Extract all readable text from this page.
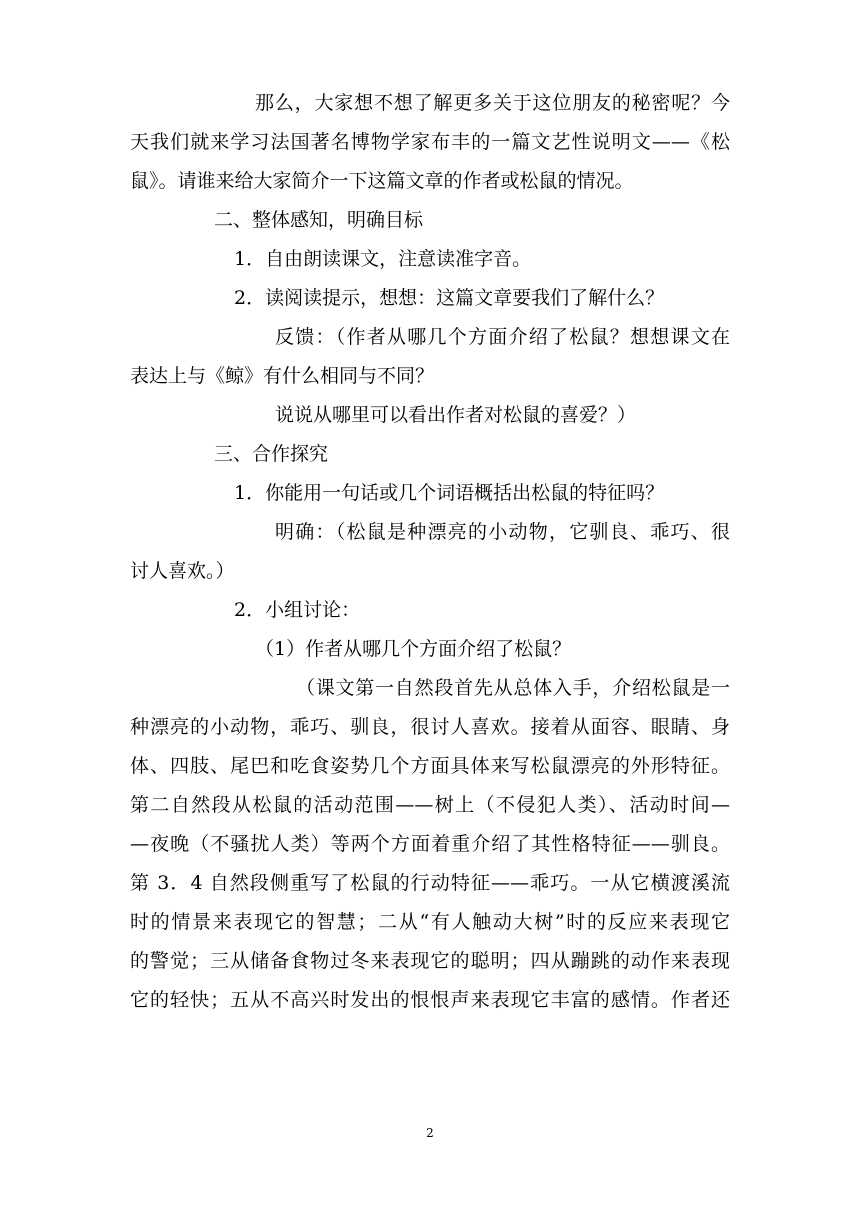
那么，大家想不想了解更多关于这位朋友的秘密呢？今
天我们就来学习法国著名博物学家布丰的一篇文艺性说明文——《松
鼠》。请谁来给大家简介一下这篇文章的作者或松鼠的情况。
二、整体感知，明确目标
1．自由朗读课文，注意读准字音。
2．读阅读提示，想想：这篇文章要我们了解什么？
反馈：（作者从哪几个方面介绍了松鼠？想想课文在
表达上与《鲸》有什么相同与不同？
说说从哪里可以看出作者对松鼠的喜爱？）
三、合作探究
1．你能用一句话或几个词语概括出松鼠的特征吗？
明确：（松鼠是种漂亮的小动物，它驯良、乖巧、很
讨人喜欢。）
2．小组讨论：
（1）作者从哪几个方面介绍了松鼠？
（课文第一自然段首先从总体入手，介绍松鼠是一
种漂亮的小动物，乖巧、驯良，很讨人喜欢。接着从面容、眼睛、身
体、四肢、尾巴和吃食姿势几个方面具体来写松鼠漂亮的外形特征。
第二自然段从松鼠的活动范围——树上（不侵犯人类）、活动时间—
—夜晚（不骚扰人类）等两个方面着重介绍了其性格特征——驯良。
第 3．4 自然段侧重写了松鼠的行动特征——乖巧。一从它横渡溪流
时的情景来表现它的智慧；二从“有人触动大树”时的反应来表现它
的警觉；三从储备食物过冬来表现它的聪明；四从蹦跳的动作来表现
它的轻快；五从不高兴时发出的恨恨声来表现它丰富的感情。作者还
2
